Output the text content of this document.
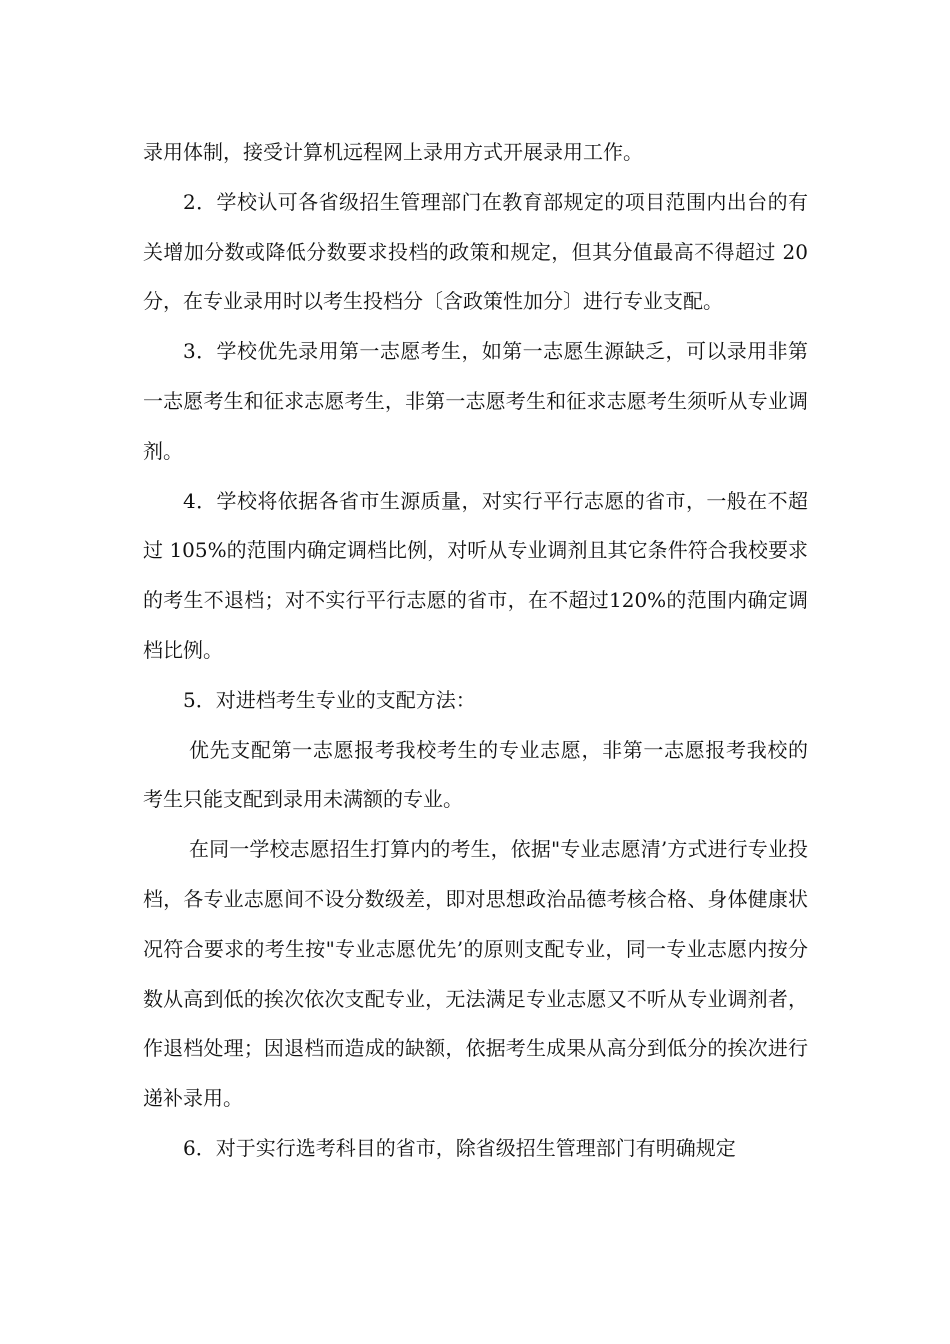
录用体制，接受计算机远程网上录用方式开展录用工作。

2．学校认可各省级招生管理部门在教育部规定的项目范围内出台的有关增加分数或降低分数要求投档的政策和规定，但其分值最高不得超过 20 分，在专业录用时以考生投档分〔含政策性加分〕进行专业支配。

3．学校优先录用第一志愿考生，如第一志愿生源缺乏，可以录用非第一志愿考生和征求志愿考生，非第一志愿考生和征求志愿考生须听从专业调剂。

4．学校将依据各省市生源质量，对实行平行志愿的省市，一般在不超过 105%的范围内确定调档比例，对听从专业调剂且其它条件符合我校要求的考生不退档；对不实行平行志愿的省市，在不超过120%的范围内确定调档比例。

5．对进档考生专业的支配方法：

优先支配第一志愿报考我校考生的专业志愿，非第一志愿报考我校的考生只能支配到录用未满额的专业。

在同一学校志愿招生打算内的考生，依据"专业志愿清’方式进行专业投档，各专业志愿间不设分数级差，即对思想政治品德考核合格、身体健康状况符合要求的考生按"专业志愿优先’的原则支配专业，同一专业志愿内按分数从高到低的挨次依次支配专业，无法满足专业志愿又不听从专业调剂者，作退档处理；因退档而造成的缺额，依据考生成果从高分到低分的挨次进行递补录用。

6．对于实行选考科目的省市，除省级招生管理部门有明确规定
